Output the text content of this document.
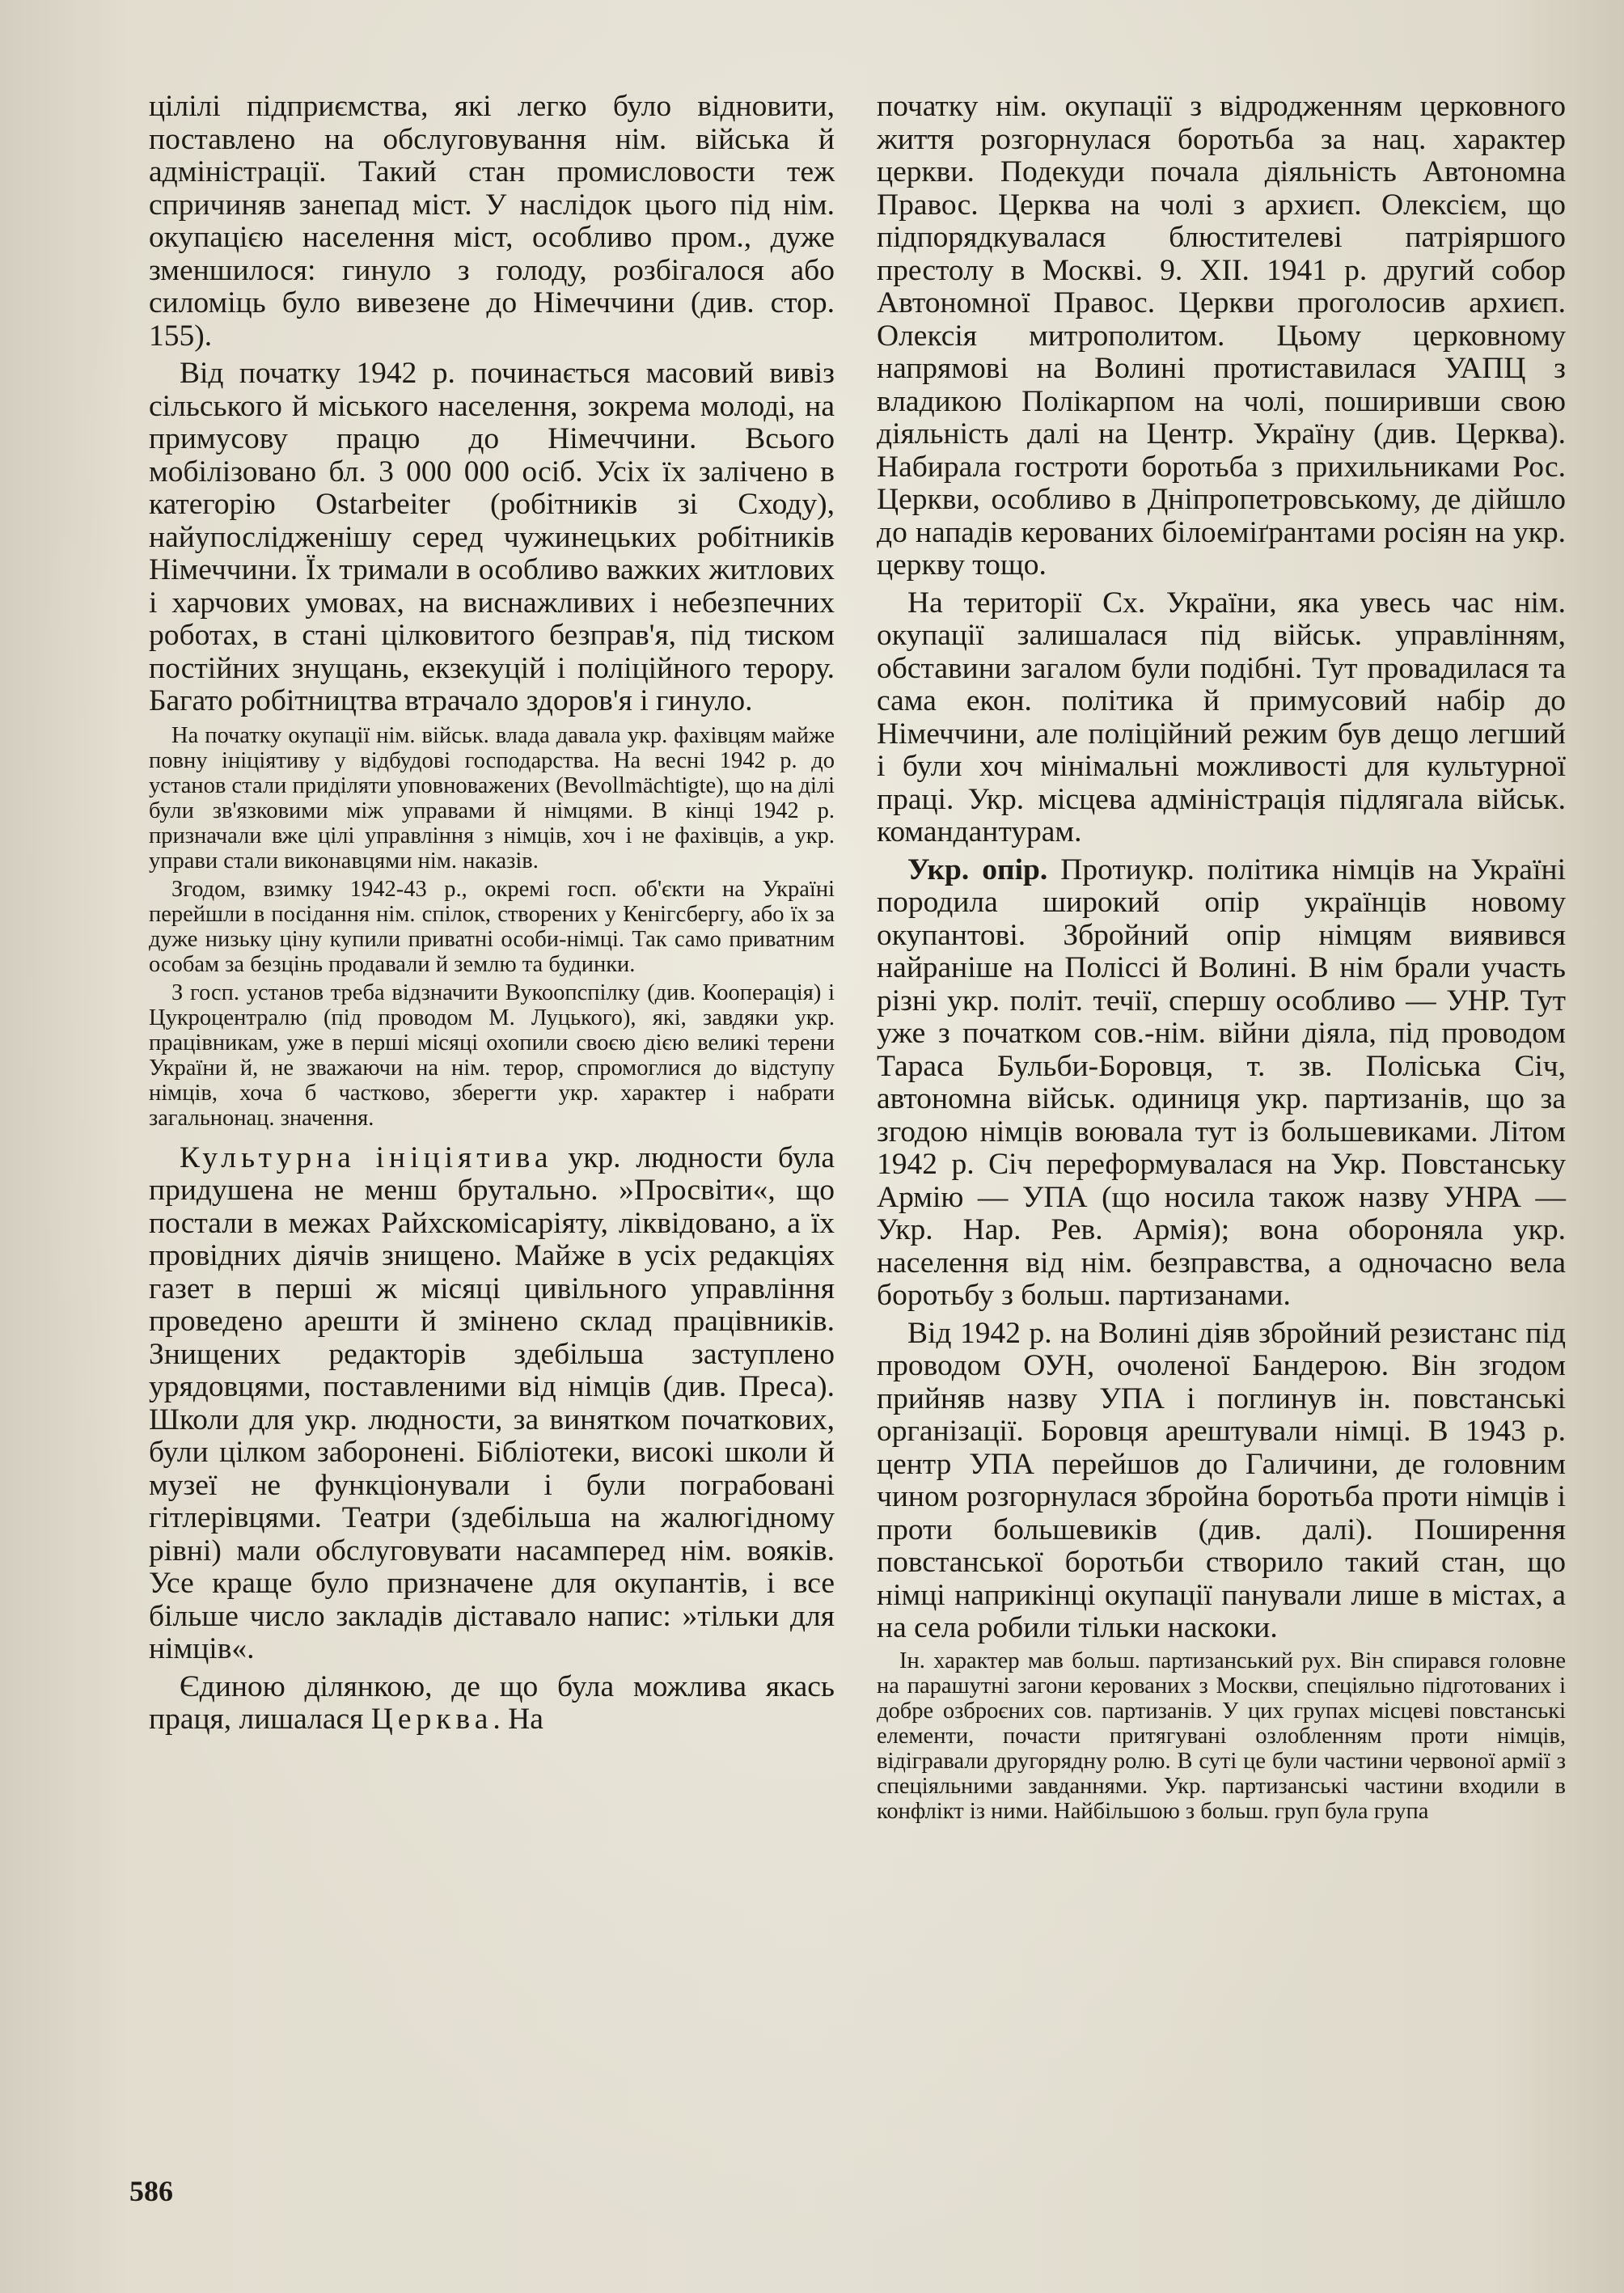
цілілі підприємства, які легко було відновити, поставлено на обслуговування нім. війська й адміністрації. Такий стан промисловости теж спричиняв занепад міст. У наслідок цього під нім. окупацією населення міст, особливо пром., дуже зменшилося: гинуло з голоду, розбігалося або силоміць було вивезене до Німеччини (див. стор. 155).

Від початку 1942 р. починається масовий вивіз сільського й міського населення, зокрема молоді, на примусову працю до Німеччини. Всього мобілізовано бл. 3 000 000 осіб. Усіх їх залічено в категорію Ostarbeiter (робітників зі Сходу), найупослідженішу серед чужинецьких робітників Німеччини. Їх тримали в особливо важких житлових і харчових умовах, на виснажливих і небезпечних роботах, в стані цілковитого безправ'я, під тиском постійних знущань, екзекуцій і поліційного терору. Багато робітництва втрачало здоров'я і гинуло.

На початку окупації нім. військ. влада давала укр. фахівцям майже повну ініціятиву у відбудові господарства. На весні 1942 р. до установ стали приділяти уповноважених (Bevollmächtigte), що на ділі були зв'язковими між управами й німцями. В кінці 1942 р. призначали вже цілі управління з німців, хоч і не фахівців, а укр. управи стали виконавцями нім. наказів.

Згодом, взимку 1942-43 р., окремі госп. об'єкти на Україні перейшли в посідання нім. спілок, створених у Кенігсбергу, або їх за дуже низьку ціну купили приватні особи-німці. Так само приватним особам за безцінь продавали й землю та будинки.

З госп. установ треба відзначити Вукоопспілку (див. Кооперація) і Цукроцентралю (під проводом М. Луцького), які, завдяки укр. працівникам, уже в перші місяці охопили своєю дією великі терени України й, не зважаючи на нім. терор, спромоглися до відступу німців, хоча б частково, зберегти укр. характер і набрати загальнонац. значення.

Культурна ініціятива укр. людности була придушена не менш брутально. »Просвіти«, що постали в межах Райхскомісаріяту, ліквідовано, а їх провідних діячів знищено. Майже в усіх редакціях газет в перші ж місяці цивільного управління проведено арешти й змінено склад працівників. Знищених редакторів здебільша заступлено урядовцями, поставленими від німців (див. Преса). Школи для укр. людности, за винятком початкових, були цілком заборонені. Бібліотеки, високі школи й музеї не функціонували і були пограбовані гітлерівцями. Театри (здебільша на жалюгідному рівні) мали обслуговувати насамперед нім. вояків. Усе краще було призначене для окупантів, і все більше число закладів діставало напис: »тільки для німців«.

Єдиною ділянкою, де що була можлива якась праця, лишалася Церква. На

початку нім. окупації з відродженням церковного життя розгорнулася боротьба за нац. характер церкви. Подекуди почала діяльність Автономна Правос. Церква на чолі з архиєп. Олексієм, що підпорядкувалася блюстителеві патріяршого престолу в Москві. 9. XII. 1941 р. другий собор Автономної Правос. Церкви проголосив архиєп. Олексія митрополитом. Цьому церковному напрямові на Волині протиставилася УАПЦ з владикою Полікарпом на чолі, поширивши свою діяльність далі на Центр. Україну (див. Церква). Набирала гостроти боротьба з прихильниками Рос. Церкви, особливо в Дніпропетровському, де дійшло до нападів керованих білоеміґрантами росіян на укр. церкву тощо.

На території Сх. України, яка увесь час нім. окупації залишалася під військ. управлінням, обставини загалом були подібні. Тут провадилася та сама екон. політика й примусовий набір до Німеччини, але поліційний режим був дещо легший і були хоч мінімальні можливості для культурної праці. Укр. місцева адміністрація підлягала військ. командантурам.

Укр. опір. Протиукр. політика німців на Україні породила широкий опір українців новому окупантові. Збройний опір німцям виявився найраніше на Поліссі й Волині. В нім брали участь різні укр. політ. течії, спершу особливо — УНР. Тут уже з початком сов.-нім. війни діяла, під проводом Тараса Бульби-Боровця, т. зв. Поліська Січ, автономна військ. одиниця укр. партизанів, що за згодою німців воювала тут із большевиками. Літом 1942 р. Січ переформувалася на Укр. Повстанську Армію — УПА (що носила також назву УНРА — Укр. Нар. Рев. Армія); вона обороняла укр. населення від нім. безправства, а одночасно вела боротьбу з больш. партизанами.

Від 1942 р. на Волині діяв збройний резистанс під проводом ОУН, очоленої Бандерою. Він згодом прийняв назву УПА і поглинув ін. повстанські організації. Боровця арештували німці. В 1943 р. центр УПА перейшов до Галичини, де головним чином розгорнулася збройна боротьба проти німців і проти большевиків (див. далі). Поширення повстанської боротьби створило такий стан, що німці наприкінці окупації панували лише в містах, а на села робили тільки наскоки.

Ін. характер мав больш. партизанський рух. Він спирався головне на парашутні загони керованих з Москви, спеціяльно підготованих і добре озброєних сов. партизанів. У цих групах місцеві повстанські елементи, почасти притягувані озлобленням проти німців, відігравали другорядну ролю. В суті це були частини червоної армії з спеціяльними завданнями. Укр. партизанські частини входили в конфлікт із ними. Найбільшою з больш. груп була група

586
